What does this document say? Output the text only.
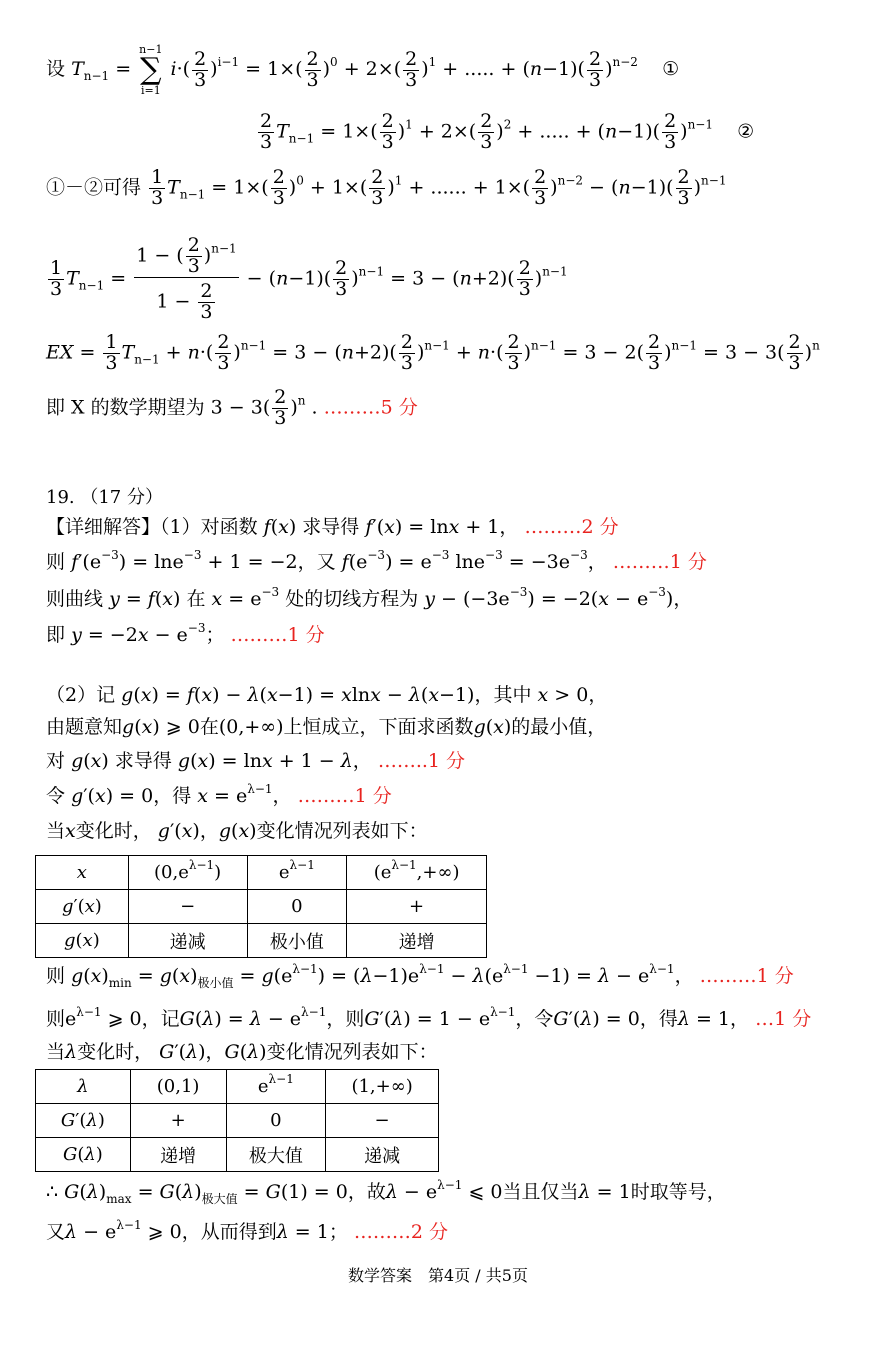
设 $T_{n-1}$ =
n−1
∑
i=1
$i\cdot( \frac{2}{3} )^{i-1} = 1\times( \frac{2}{3} )^0 + 2\times( \frac{2}{3} )^1$ + ..... + $(n-1)( \frac{2}{3} )^{n-2}$ ①
$\frac{2}{3} T_{n-1} = 1\times( \frac{2}{3} )^1 + 2\times( \frac{2}{3} )^2$ + ..... + $(n-1)( \frac{2}{3} )^{n-1}$ ②
①－②可得 $\frac{1}{3} T_{n-1} = 1\times( \frac{2}{3} )^0 + 1\times( \frac{2}{3} )^1$ + ...... + $1\times( \frac{2}{3} )^{n-2} - (n-1)( \frac{2}{3} )^{n-1}$
$\frac{1}{3} T_{n-1} = \frac{1 - ( \frac{2}{3} )^{n-1}}{1 - \frac{2}{3}} - (n-1)( \frac{2}{3} )^{n-1} = 3 - (n+2)( \frac{2}{3} )^{n-1}$
EX = $\frac{1}{3} T_{n-1} + n\cdot( \frac{2}{3} )^{n-1} = 3 - (n+2)( \frac{2}{3} )^{n-1} + n\cdot( \frac{2}{3} )^{n-1} = 3 - 2( \frac{2}{3} )^{n-1} = 3 - 3( \frac{2}{3} )^n$
即 X 的数学期望为 $3 - 3( \frac{2}{3} )^n$ . ………5 分
19. （17 分）
【详细解答】（1）对函数 f(x) 求导得 f′(x) = lnx + 1， ………2 分
则 $f'(e^{-3}) = \ln e^{-3} + 1 = -2$，又 $f(e^{-3}) = e^{-3}$ $\ln e^{-3} = -3e^{-3}$， ………1 分
则曲线 y = f(x) 在 $x = e^{-3}$ 处的切线方程为 $y - (-3e^{-3}) = -2(x - e^{-3})$，
即 $y = -2x - e^{-3}$； ………1 分
（2）记 g(x) = f(x) − λ(x−1) = xlnx − λ(x−1)，其中 x > 0，
由题意知g(x) ⩾ 0在(0,+∞)上恒成立，下面求函数g(x)的最小值，
对 g(x) 求导得 g(x) = lnx + 1 − λ， ……..1 分
令 g′(x) = 0，得 $x = e^{\lambda-1}$， ………1 分
当x变化时， g′(x)，g(x)变化情况列表如下：
x	$(0,e^{\lambda-1})$	$e^{\lambda-1}$	$(e^{\lambda-1},+\infty)$
g′(x)	−	0	+
g(x)	递减	极小值	递增
则 $g(x)_{min} = g(x)_{极小值} = g(e^{\lambda-1}) = (\lambda-1)e^{\lambda-1} - \lambda(e^{\lambda-1} -1) = \lambda - e^{\lambda-1}$， ………1 分
则$e^{\lambda-1}$ ⩾ 0，记$G(\lambda) = \lambda - e^{\lambda-1}$，则$G'(\lambda) = 1 - e^{\lambda-1}$，令G′(λ) = 0，得λ = 1， …1 分
当λ变化时， G′(λ)，G(λ)变化情况列表如下：
λ	(0,1)	$e^{\lambda-1}$	(1,+∞)
G′(λ)	+	0	−
G(λ)	递增	极大值	递减
∴ $G(\lambda)_{max} = G(\lambda)_{极大值} = G(1) = 0$，故$\lambda - e^{\lambda-1}$ ⩽ 0当且仅当λ = 1时取等号，
又$\lambda - e^{\lambda-1}$ ⩾ 0，从而得到λ = 1； ………2 分
数学答案　第4页 / 共5页
